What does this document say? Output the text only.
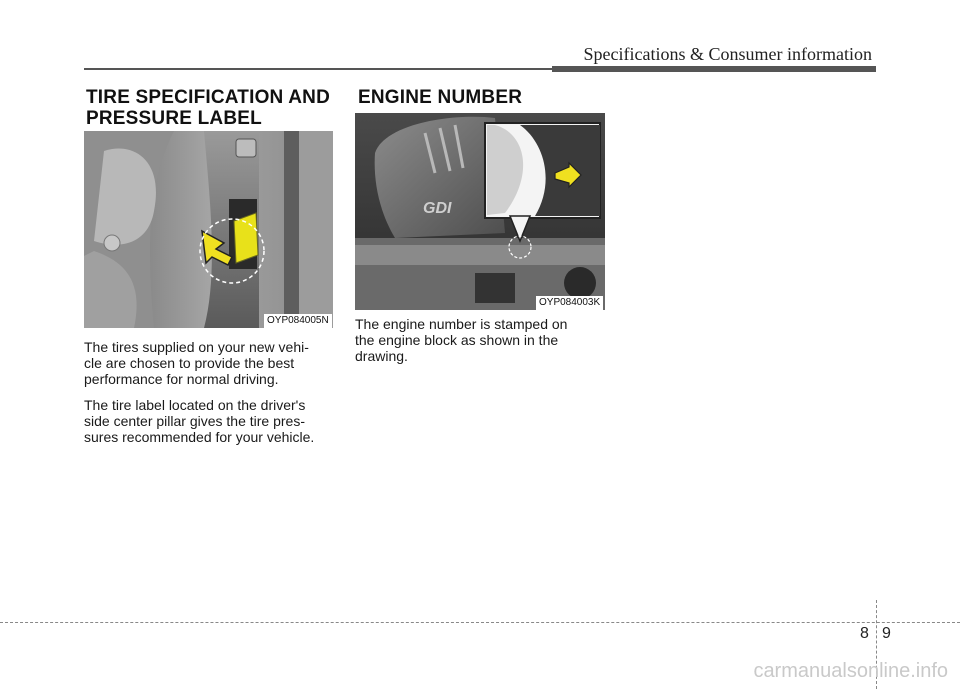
Specifications & Consumer information
TIRE SPECIFICATION AND
PRESSURE LABEL
OYP084005N

The tires supplied on your new vehi-
cle are chosen to provide the best
performance for normal driving.

The tire label located on the driver's
side center pillar gives the tire pres-
sures recommended for your vehicle.

ENGINE NUMBER
GDI
OYP084003K

The engine number is stamped on
the engine block as shown in the
drawing.

8 9
carmanualsonline.info
